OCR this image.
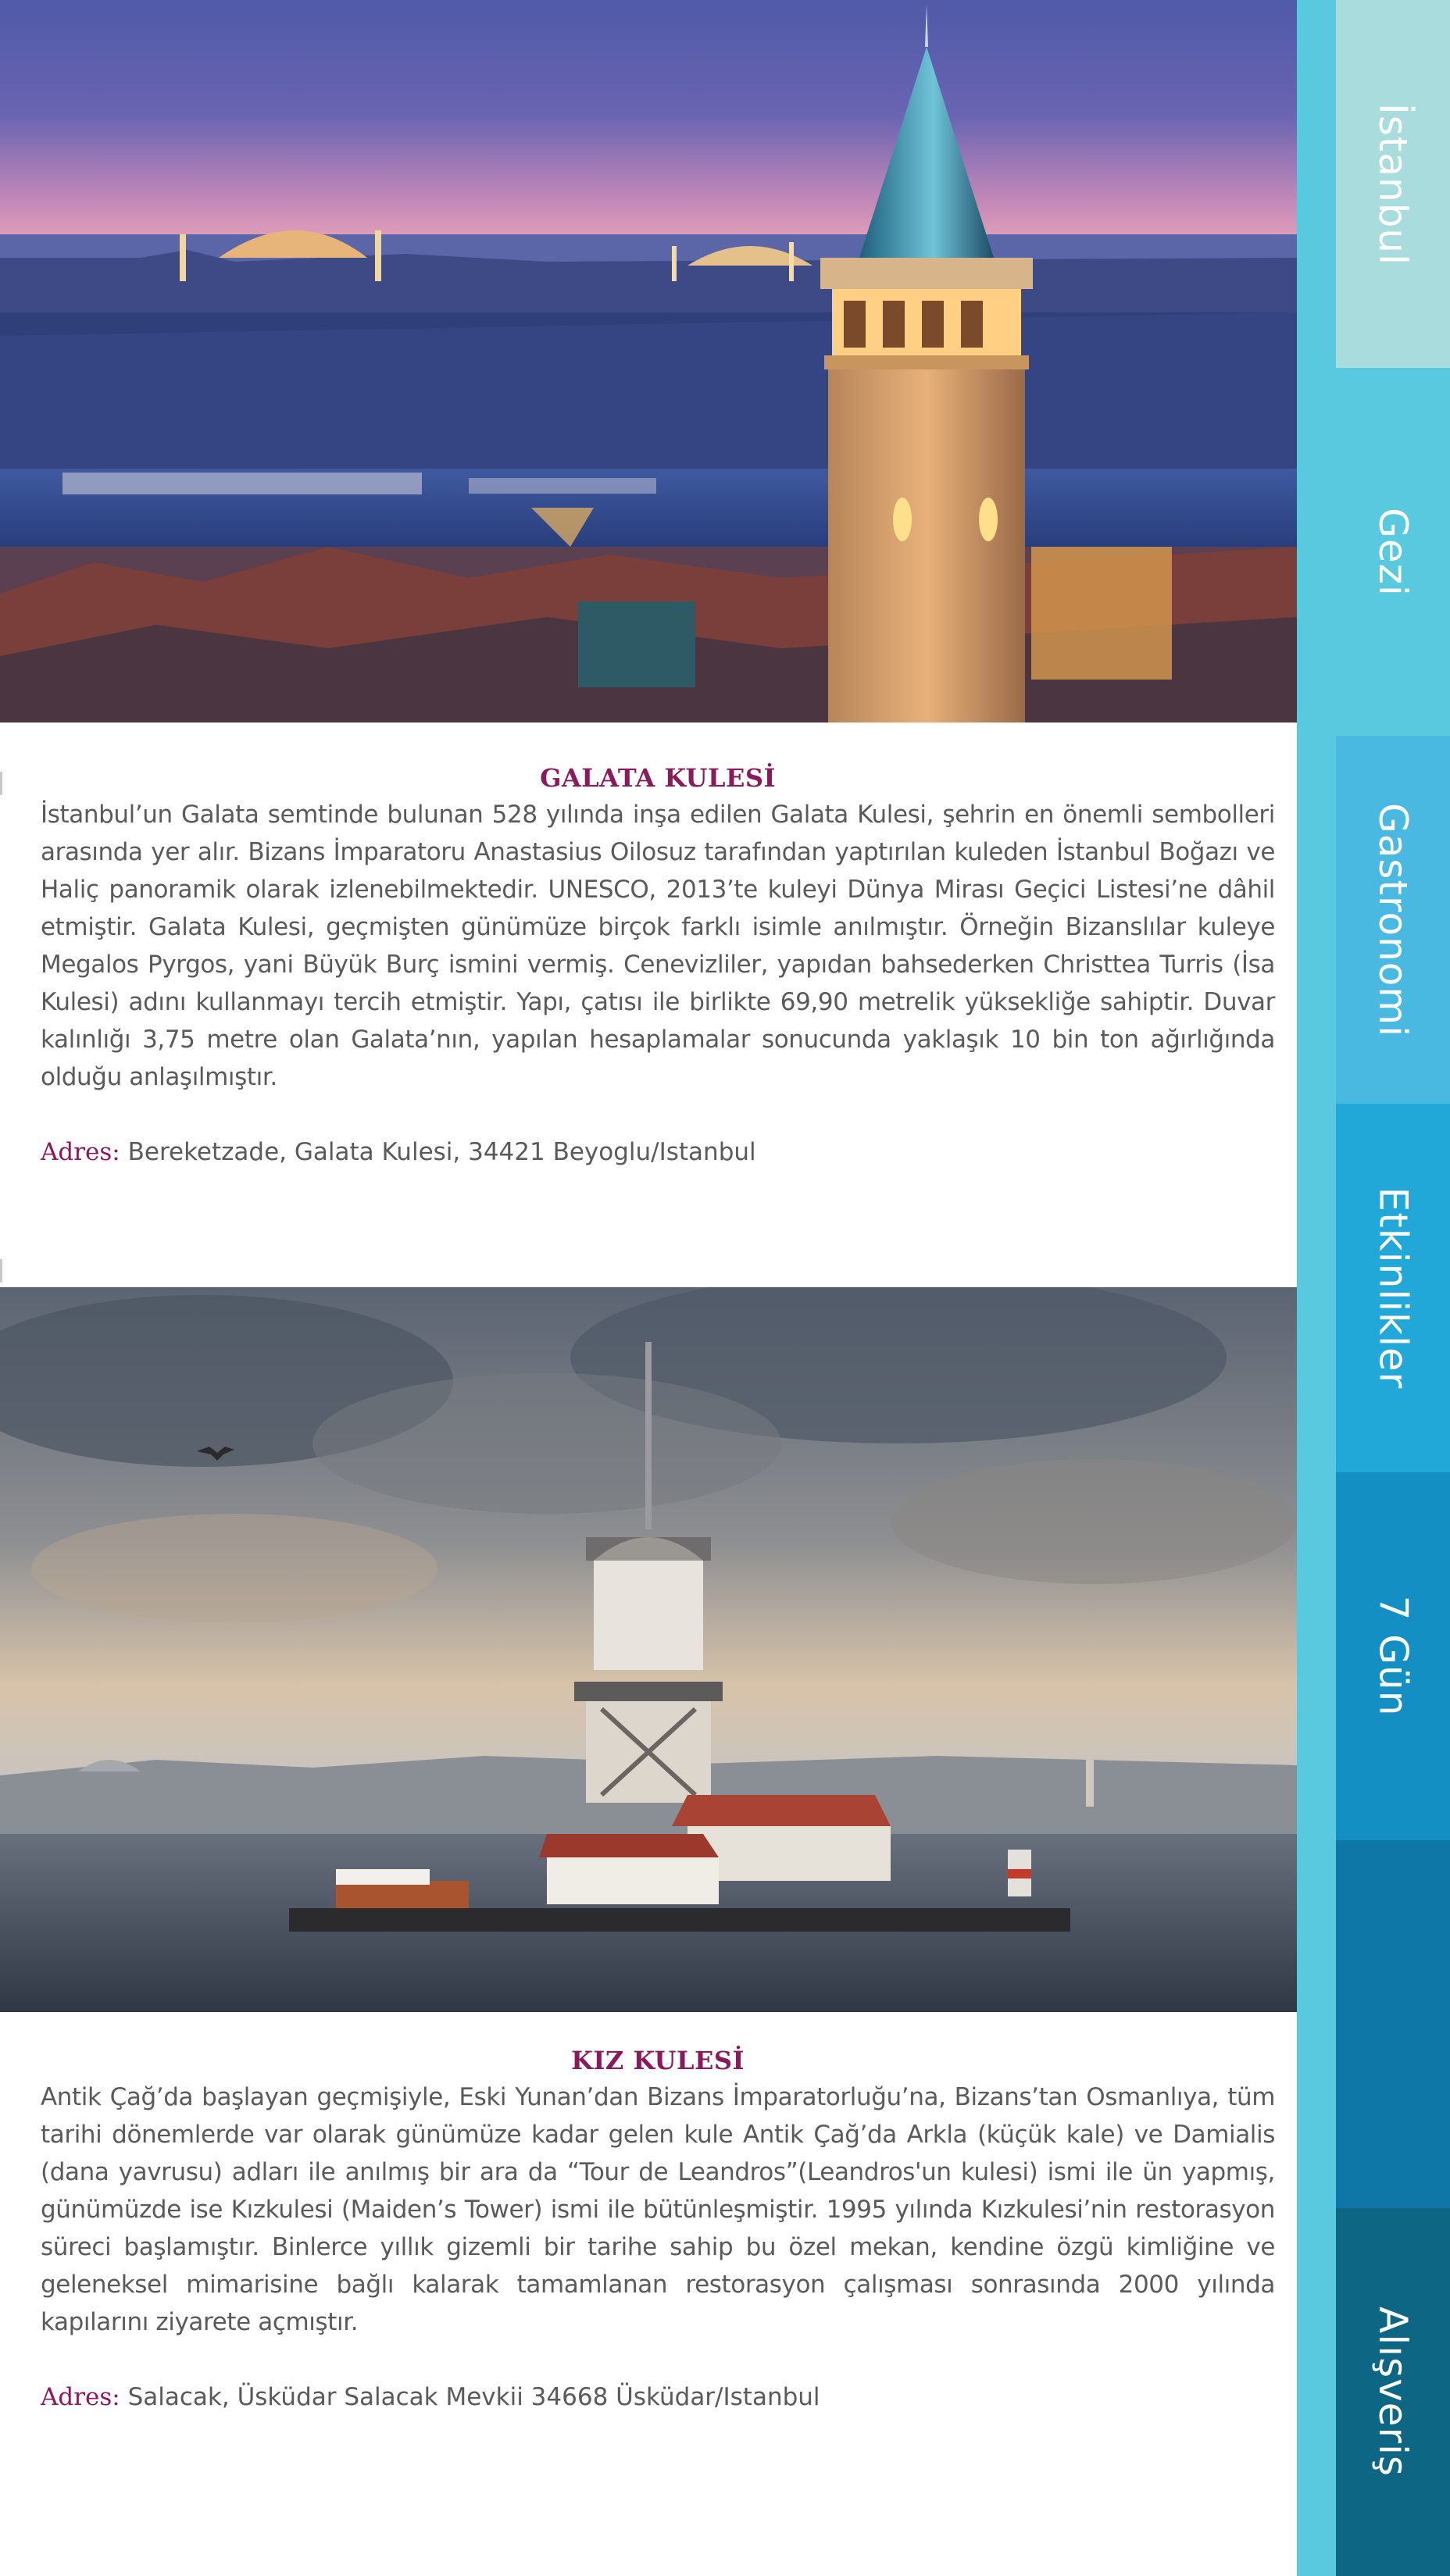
GALATA KULESİ

İstanbul’un Galata semtinde bulunan 528 yılında inşa edilen Galata Kulesi, şehrin en önemli sembolleri arasında yer alır. Bizans İmparatoru Anastasius Oilosuz tarafından yaptırılan kuleden İstanbul Boğazı ve Haliç panoramik olarak izlenebilmektedir. UNESCO, 2013’te kuleyi Dünya Mirası Geçici Listesi’ne dâhil etmiştir. Galata Kulesi, geçmişten günümüze birçok farklı isimle anılmıştır. Örneğin Bizanslılar kuleye Megalos Pyrgos, yani Büyük Burç ismini vermiş. Cenevizliler, yapıdan bahsederken Christtea Turris (İsa Kulesi) adını kullanmayı tercih etmiştir. Yapı, çatısı ile birlikte 69,90 metrelik yüksekliğe sahiptir. Duvar kalınlığı 3,75 metre olan Galata’nın, yapılan hesaplamalar sonucunda yaklaşık 10 bin ton ağırlığında olduğu anlaşılmıştır.

Adres: Bereketzade, Galata Kulesi, 34421 Beyoglu/Istanbul
KIZ KULESİ

Antik Çağ’da başlayan geçmişiyle, Eski Yunan’dan Bizans İmparatorluğu’na, Bizans’tan Osmanlıya, tüm tarihi dönemlerde var olarak günümüze kadar gelen kule Antik Çağ’da Arkla (küçük kale) ve Damialis (dana yavrusu) adları ile anılmış bir ara da “Tour de Leandros”(Leandros'un kulesi) ismi ile ün yapmış, günümüzde ise Kızkulesi (Maiden’s Tower) ismi ile bütünleşmiştir. 1995 yılında Kızkulesi’nin restorasyon süreci başlamıştır. Binlerce yıllık gizemli bir tarihe sahip bu özel mekan, kendine özgü kimliğine ve geleneksel mimarisine bağlı kalarak tamamlanan restorasyon çalışması sonrasında 2000 yılında kapılarını ziyarete açmıştır.

Adres: Salacak, Üsküdar Salacak Mevkii 34668 Üsküdar/Istanbul
İstanbul
Gezi
Gastronomi
Etkinlikler
7 Gün
Alışveriş
